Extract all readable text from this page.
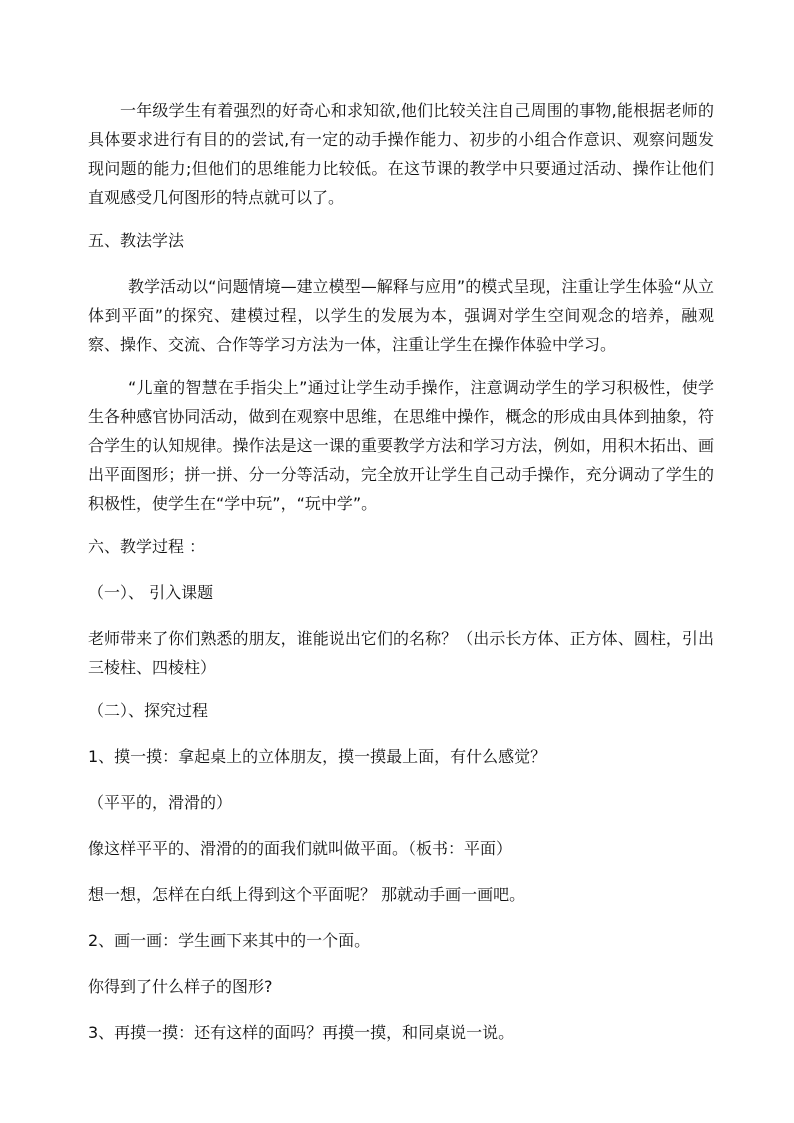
一年级学生有着强烈的好奇心和求知欲,他们比较关注自己周围的事物,能根据老师的具体要求进行有目的的尝试,有一定的动手操作能力、初步的小组合作意识、观察问题发现问题的能力;但他们的思维能力比较低。在这节课的教学中只要通过活动、操作让他们直观感受几何图形的特点就可以了。

五、教法学法

教学活动以“问题情境—建立模型—解释与应用”的模式呈现，注重让学生体验“从立体到平面”的探究、建模过程，以学生的发展为本，强调对学生空间观念的培养，融观察、操作、交流、合作等学习方法为一体，注重让学生在操作体验中学习。

“儿童的智慧在手指尖上”通过让学生动手操作，注意调动学生的学习积极性，使学生各种感官协同活动，做到在观察中思维，在思维中操作，概念的形成由具体到抽象，符合学生的认知规律。操作法是这一课的重要教学方法和学习方法，例如，用积木拓出、画出平面图形；拼一拼、分一分等活动，完全放开让学生自己动手操作，充分调动了学生的积极性，使学生在“学中玩”，“玩中学”。

六、教学过程 ：

（一）、 引入课题

老师带来了你们熟悉的朋友，谁能说出它们的名称？（出示长方体、正方体、圆柱，引出三棱柱、四棱柱）

（二）、探究过程

1、摸一摸：拿起桌上的立体朋友，摸一摸最上面，有什么感觉？

（平平的，滑滑的）

像这样平平的、滑滑的的面我们就叫做平面。（板书：平面）

想一想，怎样在白纸上得到这个平面呢？ 那就动手画一画吧。

2、画一画：学生画下来其中的一个面。

你得到了什么样子的图形?

3、再摸一摸：还有这样的面吗？再摸一摸，和同桌说一说。
